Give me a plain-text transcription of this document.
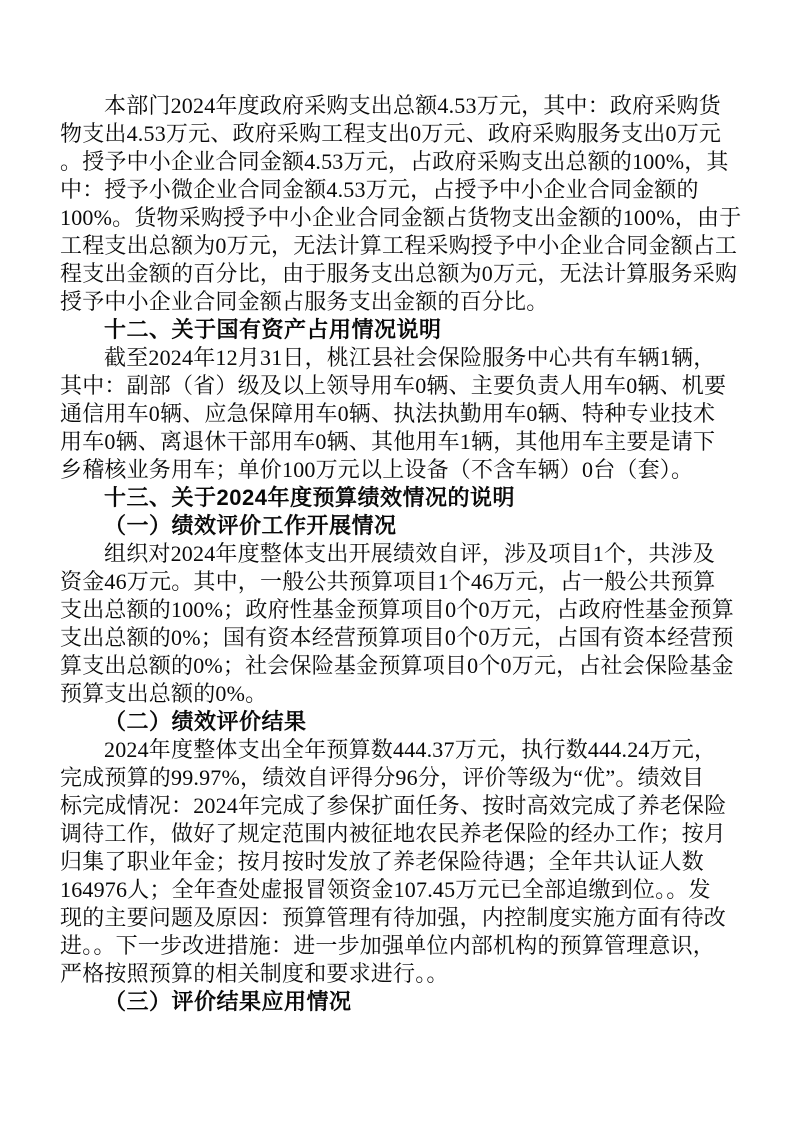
本部门2024年度政府采购支出总额4.53万元，其中：政府采购货
物支出4.53万元、政府采购工程支出0万元、政府采购服务支出0万元
。授予中小企业合同金额4.53万元，占政府采购支出总额的100%，其
中：授予小微企业合同金额4.53万元，占授予中小企业合同金额的
100%。货物采购授予中小企业合同金额占货物支出金额的100%，由于
工程支出总额为0万元，无法计算工程采购授予中小企业合同金额占工
程支出金额的百分比，由于服务支出总额为0万元，无法计算服务采购
授予中小企业合同金额占服务支出金额的百分比。
十二、关于国有资产占用情况说明
截至2024年12月31日，桃江县社会保险服务中心共有车辆1辆，
其中：副部（省）级及以上领导用车0辆、主要负责人用车0辆、机要
通信用车0辆、应急保障用车0辆、执法执勤用车0辆、特种专业技术
用车0辆、离退休干部用车0辆、其他用车1辆，其他用车主要是请下
乡稽核业务用车；单价100万元以上设备（不含车辆）0台（套）。
十三、关于2024年度预算绩效情况的说明
（一）绩效评价工作开展情况
组织对2024年度整体支出开展绩效自评，涉及项目1个，共涉及
资金46万元。其中，一般公共预算项目1个46万元，占一般公共预算
支出总额的100%；政府性基金预算项目0个0万元，占政府性基金预算
支出总额的0%；国有资本经营预算项目0个0万元，占国有资本经营预
算支出总额的0%；社会保险基金预算项目0个0万元，占社会保险基金
预算支出总额的0%。
（二）绩效评价结果
2024年度整体支出全年预算数444.37万元，执行数444.24万元，
完成预算的99.97%，绩效自评得分96分，评价等级为“优”。绩效目
标完成情况：2024年完成了参保扩面任务、按时高效完成了养老保险
调待工作，做好了规定范围内被征地农民养老保险的经办工作；按月
归集了职业年金；按月按时发放了养老保险待遇；全年共认证人数
164976人；全年查处虚报冒领资金107.45万元已全部追缴到位。。发
现的主要问题及原因：预算管理有待加强，内控制度实施方面有待改
进。。下一步改进措施：进一步加强单位内部机构的预算管理意识，
严格按照预算的相关制度和要求进行。。
（三）评价结果应用情况
